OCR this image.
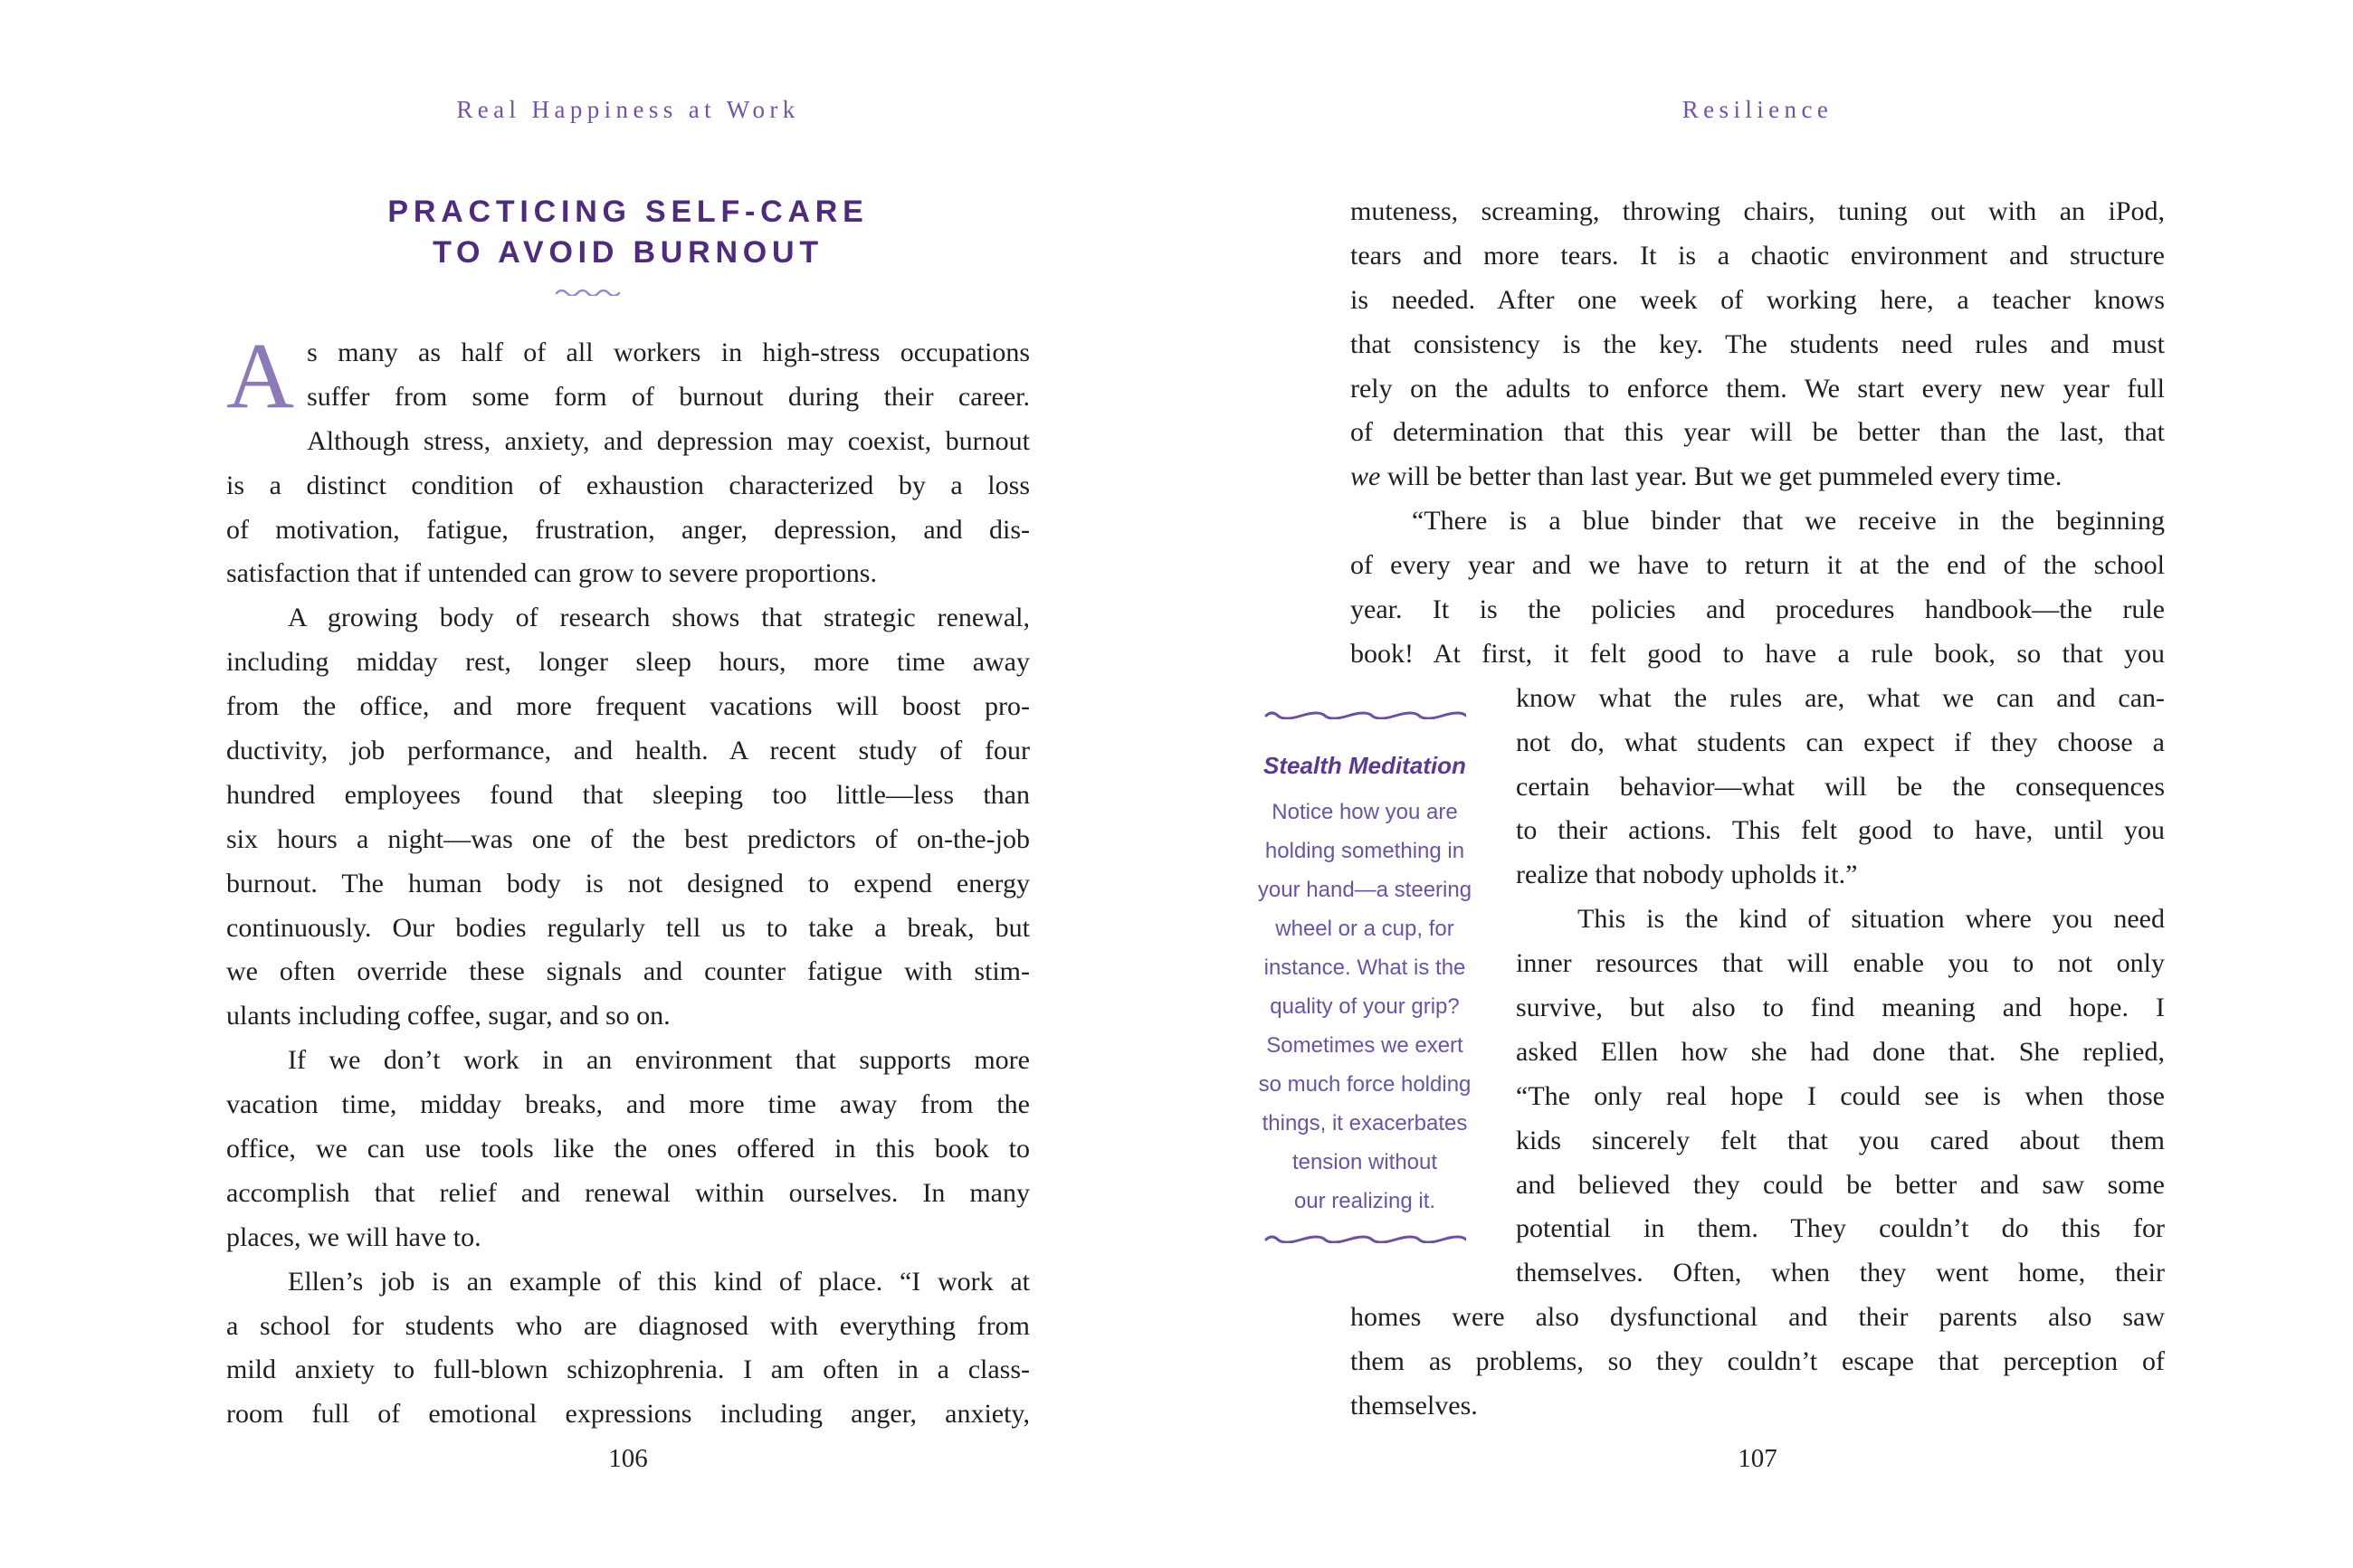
Real Happiness at Work
PRACTICING SELF-CARE
TO AVOID BURNOUT
A s many as half of all workers in high-stress occupations
suffer from some form of burnout during their career.
Although stress, anxiety, and depression may coexist, burnout
is a distinct condition of exhaustion characterized by a loss
of motivation, fatigue, frustration, anger, depression, and dis-
satisfaction that if untended can grow to severe proportions.
A growing body of research shows that strategic renewal,
including midday rest, longer sleep hours, more time away
from the office, and more frequent vacations will boost pro-
ductivity, job performance, and health. A recent study of four
hundred employees found that sleeping too little—less than
six hours a night—was one of the best predictors of on-the-job
burnout. The human body is not designed to expend energy
continuously. Our bodies regularly tell us to take a break, but
we often override these signals and counter fatigue with stim-
ulants including coffee, sugar, and so on.
If we don’t work in an environment that supports more
vacation time, midday breaks, and more time away from the
office, we can use tools like the ones offered in this book to
accomplish that relief and renewal within ourselves. In many
places, we will have to.
Ellen’s job is an example of this kind of place. “I work at
a school for students who are diagnosed with everything from
mild anxiety to full-blown schizophrenia. I am often in a class-
room full of emotional expressions including anger, anxiety,
106
Resilience
muteness, screaming, throwing chairs, tuning out with an iPod,
tears and more tears. It is a chaotic environment and structure
is needed. After one week of working here, a teacher knows
that consistency is the key. The students need rules and must
rely on the adults to enforce them. We start every new year full
of determination that this year will be better than the last, that
we will be better than last year. But we get pummeled every time.
“There is a blue binder that we receive in the beginning
of every year and we have to return it at the end of the school
year. It is the policies and procedures handbook—the rule
book! At first, it felt good to have a rule book, so that you
know what the rules are, what we can and can-
not do, what students can expect if they choose a
certain behavior—what will be the consequences
to their actions. This felt good to have, until you
realize that nobody upholds it.”
This is the kind of situation where you need
inner resources that will enable you to not only
survive, but also to find meaning and hope. I
asked Ellen how she had done that. She replied,
“The only real hope I could see is when those
kids sincerely felt that you cared about them
and believed they could be better and saw some
potential in them. They couldn’t do this for
themselves. Often, when they went home, their
homes were also dysfunctional and their parents also saw
them as problems, so they couldn’t escape that perception of
themselves.
Stealth Meditation
Notice how you are
holding something in
your hand—a steering
wheel or a cup, for
instance. What is the
quality of your grip?
Sometimes we exert
so much force holding
things, it exacerbates
tension without
our realizing it.
107
